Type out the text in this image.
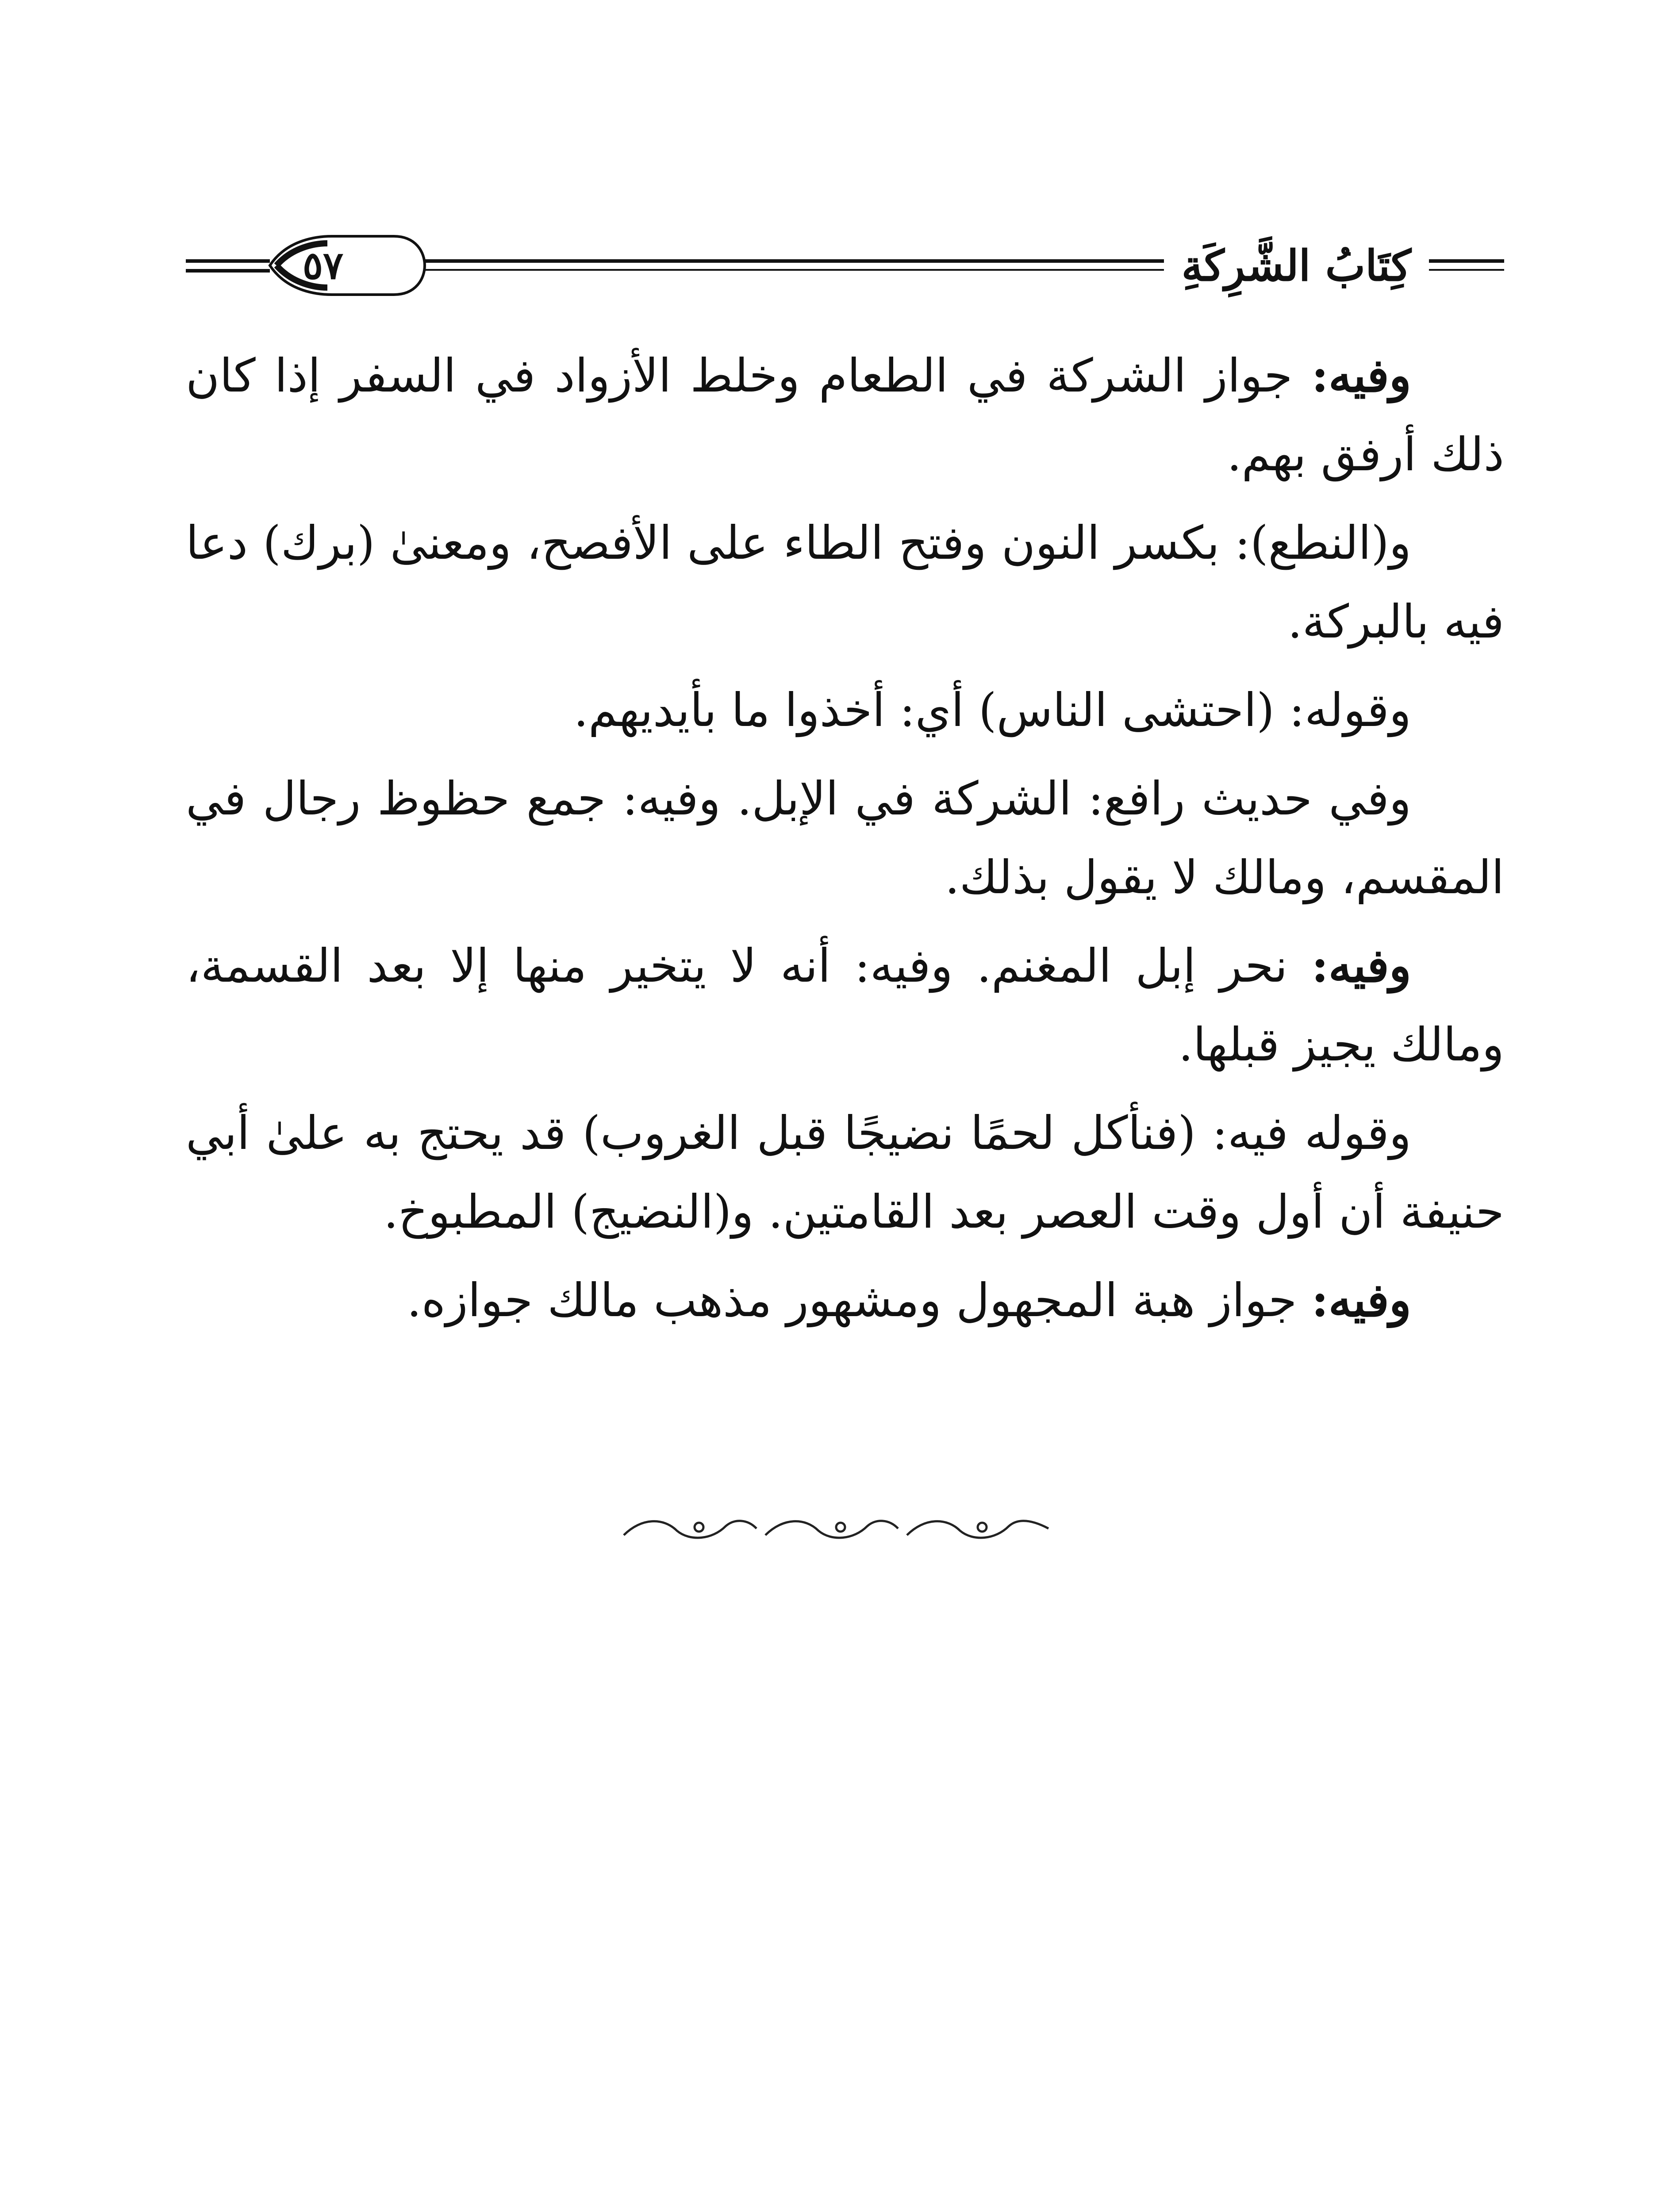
٥٧	كِتَابُ الشَّرِكَةِ

وفيه: جواز الشركة في الطعام وخلط الأزواد في السفر إذا كان ذلك أرفق بهم.

و(النطع): بكسر النون وفتح الطاء على الأفصح، ومعنىٰ (برك) دعا فيه بالبركة.

وقوله: (احتشى الناس) أي: أخذوا ما بأيديهم.

وفي حديث رافع: الشركة في الإبل. وفيه: جمع حظوظ رجال في المقسم، ومالك لا يقول بذلك.

وفيه: نحر إبل المغنم. وفيه: أنه لا يتخير منها إلا بعد القسمة، ومالك يجيز قبلها.

وقوله فيه: (فنأكل لحمًا نضيجًا قبل الغروب) قد يحتج به علىٰ أبي حنيفة أن أول وقت العصر بعد القامتين. و(النضيج) المطبوخ.

وفيه: جواز هبة المجهول ومشهور مذهب مالك جوازه.
